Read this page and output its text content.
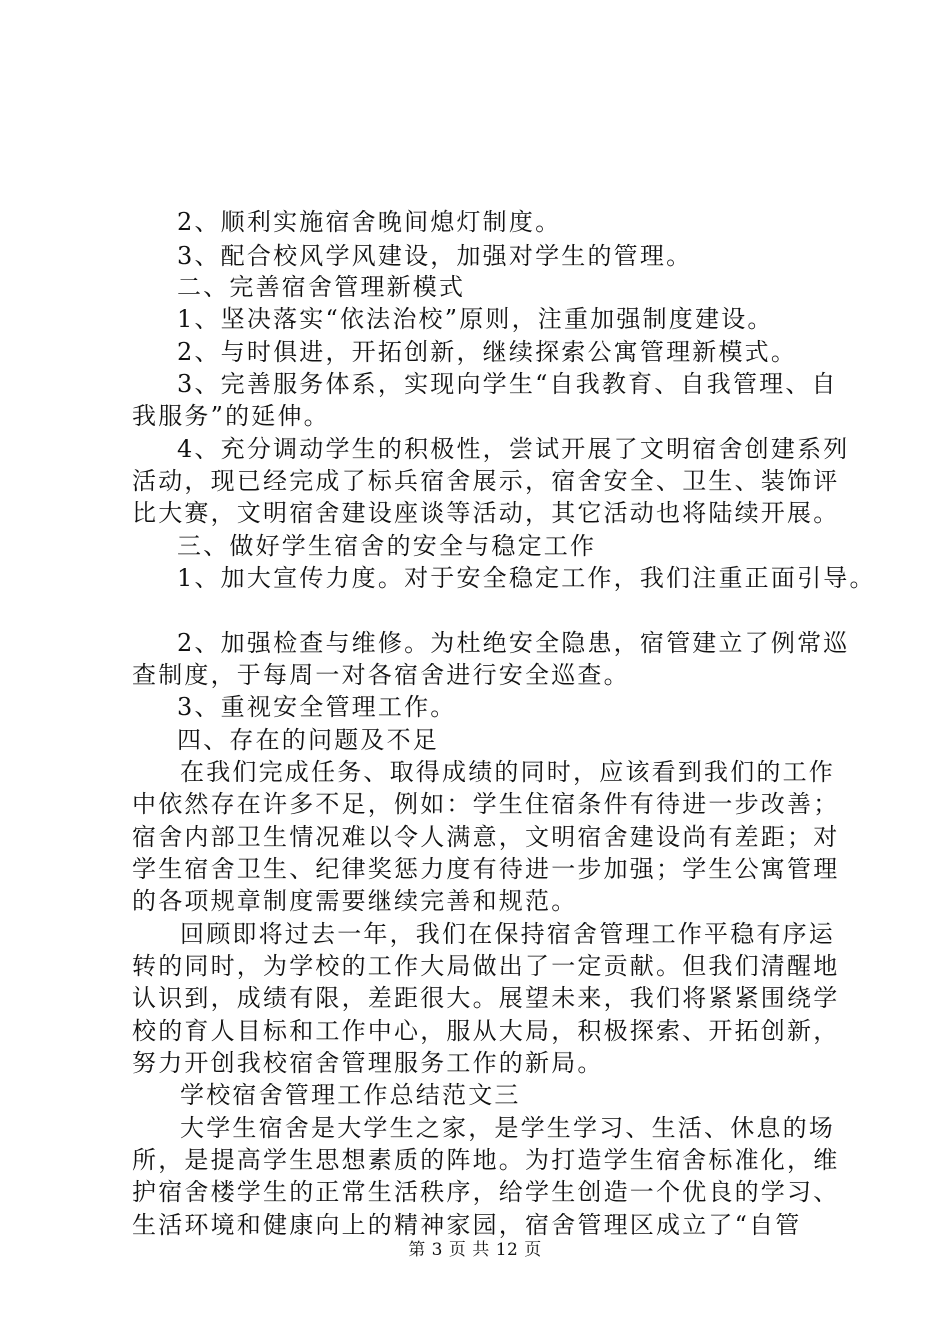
2、顺利实施宿舍晚间熄灯制度。
3、配合校风学风建设，加强对学生的管理。
二、完善宿舍管理新模式
1、坚决落实“依法治校”原则，注重加强制度建设。
2、与时俱进，开拓创新，继续探索公寓管理新模式。
3、完善服务体系，实现向学生“自我教育、自我管理、自
我服务”的延伸。
4、充分调动学生的积极性，尝试开展了文明宿舍创建系列
活动，现已经完成了标兵宿舍展示，宿舍安全、卫生、装饰评
比大赛，文明宿舍建设座谈等活动，其它活动也将陆续开展。
三、做好学生宿舍的安全与稳定工作
1、加大宣传力度。对于安全稳定工作，我们注重正面引导。
2、加强检查与维修。为杜绝安全隐患，宿管建立了例常巡
查制度，于每周一对各宿舍进行安全巡查。
3、重视安全管理工作。
四、存在的问题及不足
在我们完成任务、取得成绩的同时，应该看到我们的工作
中依然存在许多不足，例如：学生住宿条件有待进一步改善；
宿舍内部卫生情况难以令人满意，文明宿舍建设尚有差距；对
学生宿舍卫生、纪律奖惩力度有待进一步加强；学生公寓管理
的各项规章制度需要继续完善和规范。
回顾即将过去一年，我们在保持宿舍管理工作平稳有序运
转的同时，为学校的工作大局做出了一定贡献。但我们清醒地
认识到，成绩有限，差距很大。展望未来，我们将紧紧围绕学
校的育人目标和工作中心，服从大局，积极探索、开拓创新，
努力开创我校宿舍管理服务工作的新局。
学校宿舍管理工作总结范文三
大学生宿舍是大学生之家，是学生学习、生活、休息的场
所，是提高学生思想素质的阵地。为打造学生宿舍标准化，维
护宿舍楼学生的正常生活秩序，给学生创造一个优良的学习、
生活环境和健康向上的精神家园，宿舍管理区成立了“自管
第 3 页 共 12 页
